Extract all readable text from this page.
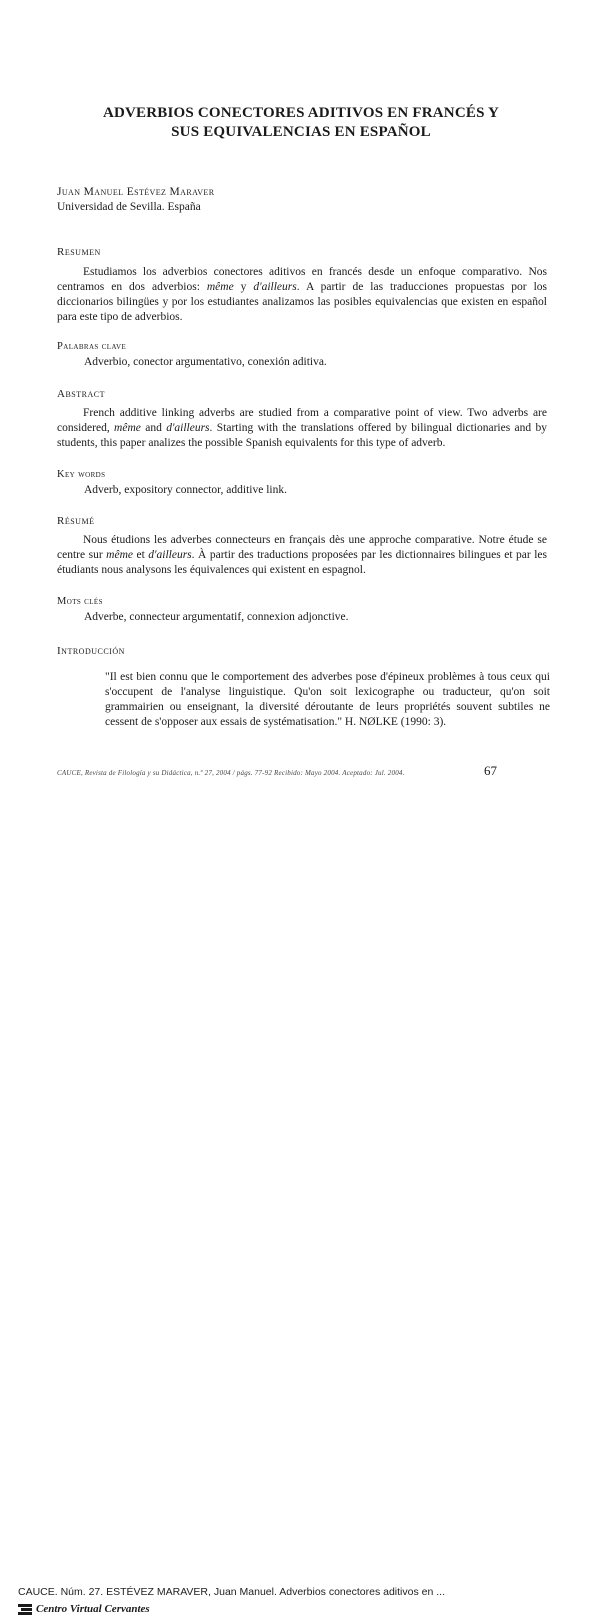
ADVERBIOS CONECTORES ADITIVOS EN FRANCÉS Y
SUS EQUIVALENCIAS EN ESPAÑOL
Juan Manuel Estévez Maraver
Universidad de Sevilla. España
Resumen
Estudiamos los adverbios conectores aditivos en francés desde un enfoque comparativo. Nos centramos en dos adverbios: même y d'ailleurs. A partir de las traducciones propuestas por los diccionarios bilingües y por los estudiantes analizamos las posibles equivalencias que existen en español para este tipo de adverbios.
Palabras clave
Adverbio, conector argumentativo, conexión aditiva.
Abstract
French additive linking adverbs are studied from a comparative point of view. Two adverbs are considered, même and d'ailleurs. Starting with the translations offered by bilingual dictionaries and by students, this paper analizes the possible Spanish equivalents for this type of adverb.
Key words
Adverb, expository connector, additive link.
Résumé
Nous étudions les adverbes connecteurs en français dès une approche comparative. Notre étude se centre sur même et d'ailleurs. À partir des traductions proposées par les dictionnaires bilingues et par les étudiants nous analysons les équivalences qui existent en espagnol.
Mots clés
Adverbe, connecteur argumentatif, connexion adjonctive.
Introducción
"Il est bien connu que le comportement des adverbes pose d'épineux problèmes à tous ceux qui s'occupent de l'analyse linguistique. Qu'on soit lexicographe ou traducteur, qu'on soit grammairien ou enseignant, la diversité déroutante de leurs propriétés souvent subtiles ne cessent de s'opposer aux essais de systématisation." H. NØLKE (1990: 3).
CAUCE, Revista de Filología y su Didáctica, n.º 27, 2004 / págs. 77-92 Recibido: Mayo 2004. Aceptado: Jul. 2004.	67
CAUCE. Núm. 27. ESTÉVEZ MARAVER, Juan Manuel. Adverbios conectores aditivos en ...
Centro Virtual Cervantes
